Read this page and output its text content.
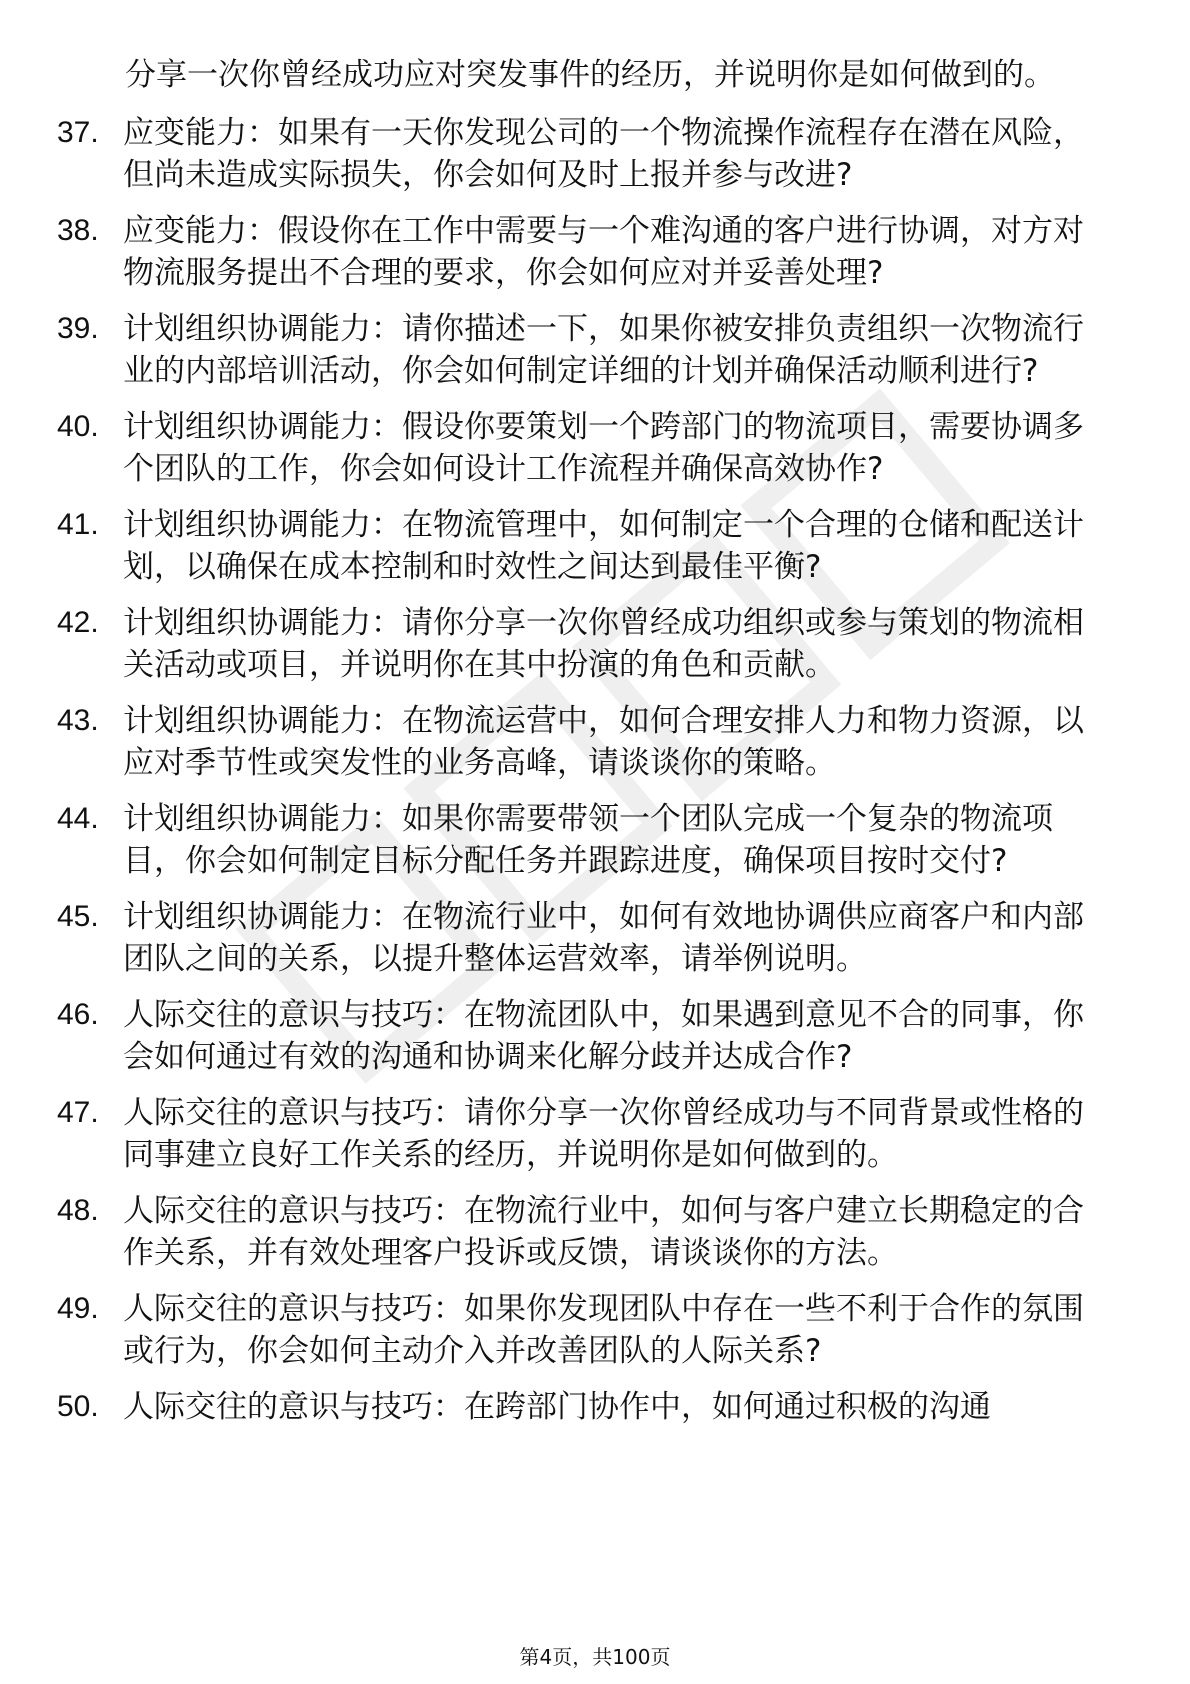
分享一次你曾经成功应对突发事件的经历，并说明你是如何做到的。
37. 应变能力：如果有一天你发现公司的一个物流操作流程存在潜在风险，但尚未造成实际损失，你会如何及时上报并参与改进?
38. 应变能力：假设你在工作中需要与一个难沟通的客户进行协调，对方对物流服务提出不合理的要求，你会如何应对并妥善处理?
39. 计划组织协调能力：请你描述一下，如果你被安排负责组织一次物流行业的内部培训活动，你会如何制定详细的计划并确保活动顺利进行?
40. 计划组织协调能力：假设你要策划一个跨部门的物流项目，需要协调多个团队的工作，你会如何设计工作流程并确保高效协作?
41. 计划组织协调能力：在物流管理中，如何制定一个合理的仓储和配送计划，以确保在成本控制和时效性之间达到最佳平衡?
42. 计划组织协调能力：请你分享一次你曾经成功组织或参与策划的物流相关活动或项目，并说明你在其中扮演的角色和贡献。
43. 计划组织协调能力：在物流运营中，如何合理安排人力和物力资源，以应对季节性或突发性的业务高峰，请谈谈你的策略。
44. 计划组织协调能力：如果你需要带领一个团队完成一个复杂的物流项目，你会如何制定目标分配任务并跟踪进度，确保项目按时交付?
45. 计划组织协调能力：在物流行业中，如何有效地协调供应商客户和内部团队之间的关系，以提升整体运营效率，请举例说明。
46. 人际交往的意识与技巧：在物流团队中，如果遇到意见不合的同事，你会如何通过有效的沟通和协调来化解分歧并达成合作?
47. 人际交往的意识与技巧：请你分享一次你曾经成功与不同背景或性格的同事建立良好工作关系的经历，并说明你是如何做到的。
48. 人际交往的意识与技巧：在物流行业中，如何与客户建立长期稳定的合作关系，并有效处理客户投诉或反馈，请谈谈你的方法。
49. 人际交往的意识与技巧：如果你发现团队中存在一些不利于合作的氛围或行为，你会如何主动介入并改善团队的人际关系?
50. 人际交往的意识与技巧：在跨部门协作中，如何通过积极的沟通
第4页，共100页
